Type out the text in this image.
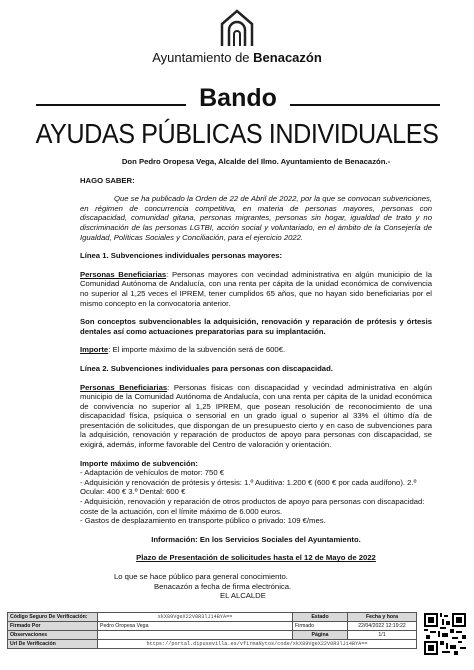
Ayuntamiento de Benacazón
Bando
AYUDAS PÚBLICAS INDIVIDUALES

Don Pedro Oropesa Vega, Alcalde del Ilmo. Ayuntamiento de Benacazón.-

HAGO SABER:

Que se ha publicado la Orden de 22 de Abril de 2022, por la que se convocan subvenciones, en régimen de concurrencia competitiva, en materia de personas mayores, personas con discapacidad, comunidad gitana, personas migrantes, personas sin hogar, igualdad de trato y no discriminación de las personas LGTBI, acción social y voluntariado, en el ámbito de la Consejería de Igualdad, Políticas Sociales y Conciliación, para el ejercicio 2022.

Línea 1. Subvenciones individuales personas mayores:

Personas Beneficiarias: Personas mayores con vecindad administrativa en algún municipio de la Comunidad Autónoma de Andalucía, con una renta per cápita de la unidad económica de convivencia no superior al 1,25 veces el IPREM, tener cumplidos 65 años, que no hayan sido beneficiarias por el mismo concepto en la convocatoria anterior.

Son conceptos subvencionables la adquisición, renovación y reparación de prótesis y órtesis dentales así como actuaciones preparatorias para su implantación.

Importe: El importe máximo de la subvención será de 600€.

Línea 2. Subvenciones individuales para personas con discapacidad.

Personas Beneficiarias: Personas físicas con discapacidad y vecindad administrativa en algún municipio de la Comunidad Autónoma de Andalucía, con una renta per cápita de la unidad económica de convivencia no superior al 1,25 IPREM, que posean resolución de reconocimiento de una discapacidad física, psíquica o sensorial en un grado igual o superior al 33% el último día de presentación de solicitudes, que dispongan de un presupuesto cierto y en caso de subvenciones para la adquisición, renovación y reparación de productos de apoyo para personas con discapacidad, se exigirá, además, informe favorable del Centro de valoración y orientación.

Importe máximo de subvención:
- Adaptación de vehículos de motor: 750 €
- Adquisición y renovación de prótesis y órtesis: 1.º Auditiva: 1.200 € (600 € por cada audífono). 2.º Ocular: 400 € 3.º Dental: 600 €
- Adquisición, renovación y reparación de otros productos de apoyo para personas con discapacidad: coste de la actuación, con el límite máximo de 6.000 euros.
- Gastos de desplazamiento en transporte público o privado: 109 €/mes.

Información: En los Servicios Sociales del Ayuntamiento.

Plazo de Presentación de solicitudes hasta el 12 de Mayo de 2022

Lo que se hace público para general conocimiento.

Benacazón a fecha de firma electrónica.

EL ALCALDE

Código Seguro De Verificación:	xkX89VgeX22V0R3lJ14BYA==	Estado	Fecha y hora
Firmado Por	Pedro Oropesa Vega	Firmado	22/04/2022 12:19:22
Observaciones		Página	1/1
Url De Verificación	https://portal.dipusevilla.es/vfirmaNytos/code/xkX89VgeX22V0R3lJ14BYA==		
